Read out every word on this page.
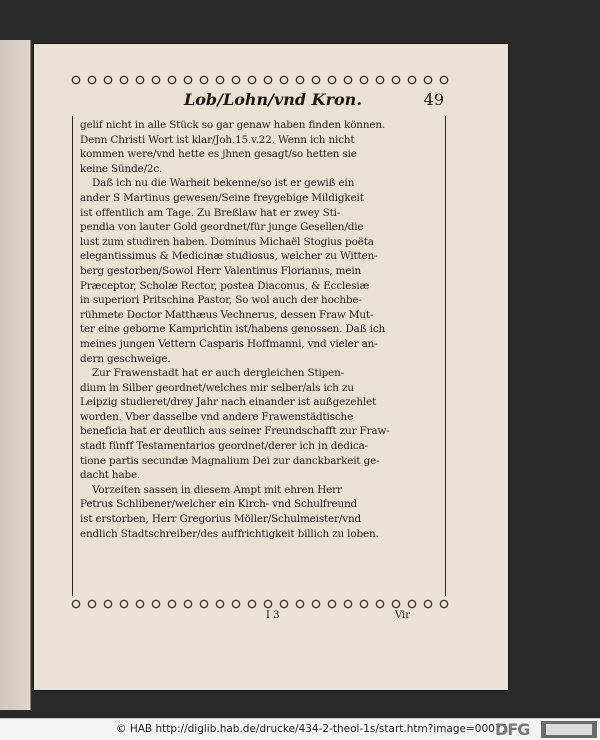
Lob/Lohn/vnd Kron.	49
gelif nicht in alle Stück so gar genaw haben finden können.
Denn Christi Wort ist klar/Joh.15.v.22. Wenn ich nicht
kommen were/vnd hette es jhnen gesagt/so hetten sie
keine Sünde/2c.
Daß ich nu die Warheit bekenne/so ist er gewiß ein
ander S Martinus gewesen/Seine freygebige Mildigkeit
ist offentlich am Tage. Zu Breßlaw hat er zwey Sti-
pendia von lauter Gold geordnet/für junge Gesellen/die
lust zum studiren haben. Dominus Michaël Stogius poëta
elegantissimus & Medicinæ studiosus, welcher zu Witten-
berg gestorben/Sowol Herr Valentinus Florianus, mein
Præceptor, Scholæ Rector, postea Diaconus, & Ecclesiæ
in superiori Pritschina Pastor, So wol auch der hochbe-
rühmete Doctor Matthæus Vechnerus, dessen Fraw Mut-
ter eine geborne Kamprichtin ist/habens genossen. Daß ich
meines jungen Vettern Casparis Hoffmanni, vnd vieler an-
dern geschweige.
Zur Frawenstadt hat er auch dergleichen Stipen-
dium in Silber geordnet/welches mir selber/als ich zu
Leipzig studieret/drey Jahr nach einander ist außgezehlet
worden. Vber dasselbe vnd andere Frawenstädtische
beneficia hat er deutlich aus seiner Freundschafft zur Fraw-
stadt fünff Testamentarios geordnet/derer ich in dedica-
tione partis secundæ Magnalium Dei zur danckbarkeit ge-
dacht habe.
Vorzeiten sassen in diesem Ampt mit ehren Herr
Petrus Schlibener/welcher ein Kirch- vnd Schulfreund
ist erstorben, Herr Gregorius Möller/Schulmeister/vnd
endlich Stadtschreiber/des auffrichtigkeit billich zu loben.
I 3	Vir
© HAB http://diglib.hab.de/drucke/434-2-theol-1s/start.htm?image=00071
DFG
